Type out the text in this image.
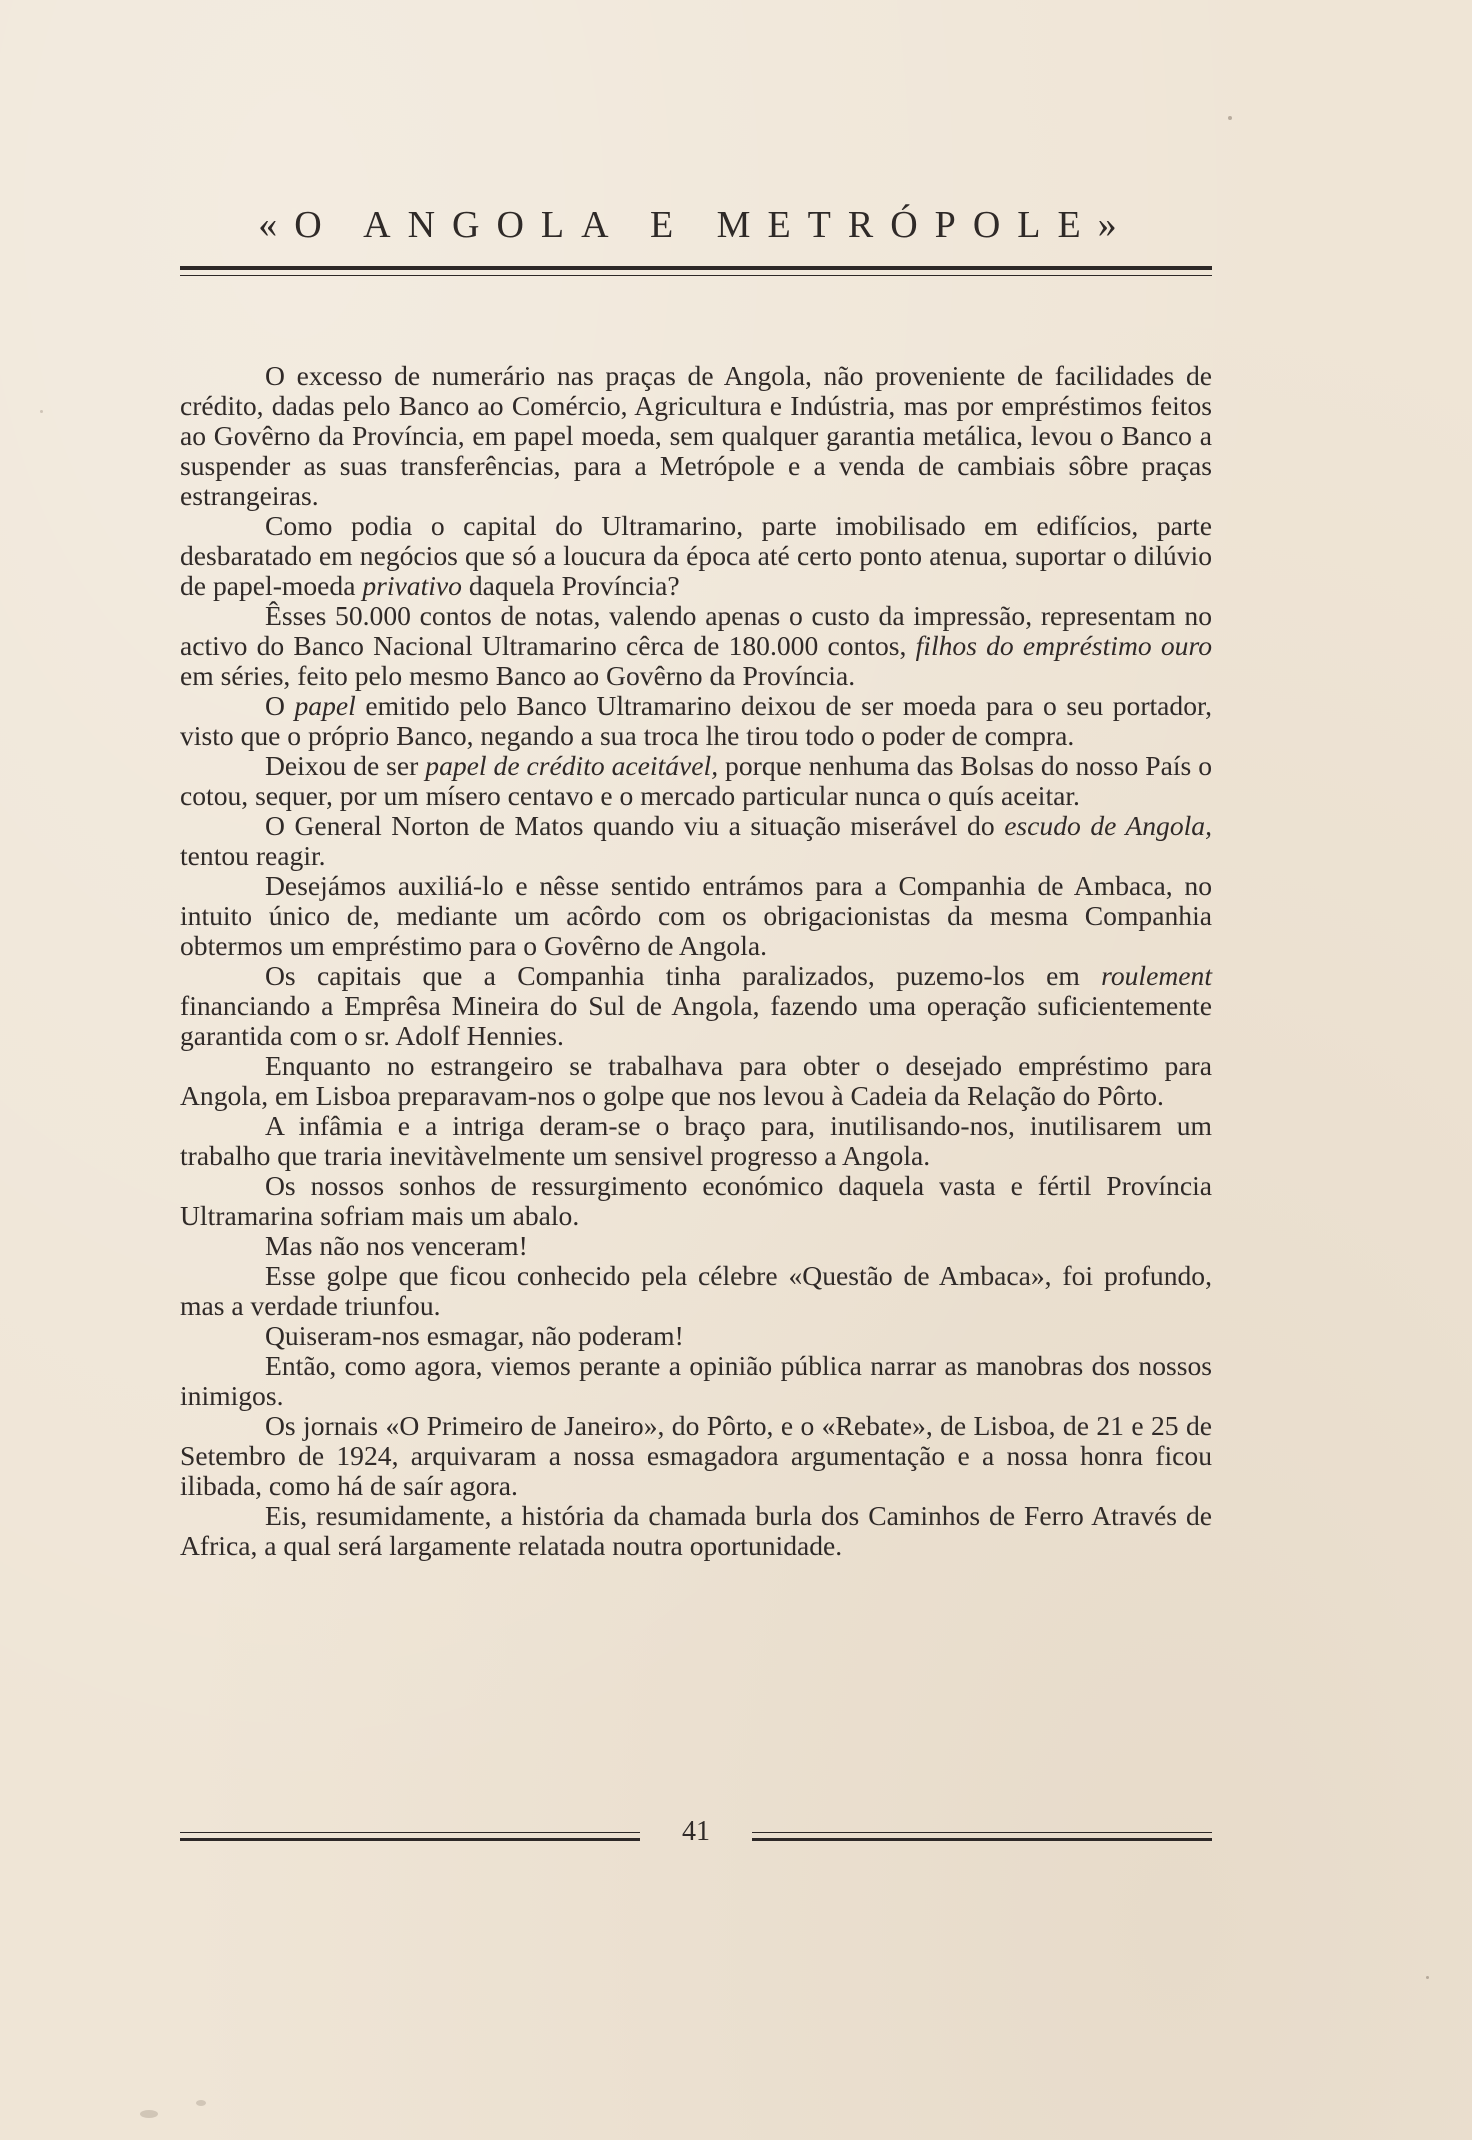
«O ANGOLA E METRÓPOLE»

O excesso de numerário nas praças de Angola, não proveniente de facilidades de crédito, dadas pelo Banco ao Comércio, Agricultura e Indústria, mas por empréstimos feitos ao Govêrno da Província, em papel moeda, sem qualquer garantia metálica, levou o Banco a suspender as suas transferências, para a Metrópole e a venda de cambiais sôbre praças estrangeiras.

Como podia o capital do Ultramarino, parte imobilisado em edifícios, parte desbaratado em negócios que só a loucura da época até certo ponto atenua, suportar o dilúvio de papel-moeda privativo daquela Província?

Êsses 50.000 contos de notas, valendo apenas o custo da impressão, representam no activo do Banco Nacional Ultramarino cêrca de 180.000 contos, filhos do empréstimo ouro em séries, feito pelo mesmo Banco ao Govêrno da Província.

O papel emitido pelo Banco Ultramarino deixou de ser moeda para o seu portador, visto que o próprio Banco, negando a sua troca lhe tirou todo o poder de compra.

Deixou de ser papel de crédito aceitável, porque nenhuma das Bolsas do nosso País o cotou, sequer, por um mísero centavo e o mercado particular nunca o quís aceitar.

O General Norton de Matos quando viu a situação miserável do escudo de Angola, tentou reagir.

Desejámos auxiliá-lo e nêsse sentido entrámos para a Companhia de Ambaca, no intuito único de, mediante um acôrdo com os obrigacionistas da mesma Companhia obtermos um empréstimo para o Govêrno de Angola.

Os capitais que a Companhia tinha paralizados, puzemo-los em roulement financiando a Emprêsa Mineira do Sul de Angola, fazendo uma operação suficientemente garantida com o sr. Adolf Hennies.

Enquanto no estrangeiro se trabalhava para obter o desejado empréstimo para Angola, em Lisboa preparavam-nos o golpe que nos levou à Cadeia da Relação do Pôrto.

A infâmia e a intriga deram-se o braço para, inutilisando-nos, inutilisarem um trabalho que traria inevitàvelmente um sensivel progresso a Angola.

Os nossos sonhos de ressurgimento económico daquela vasta e fértil Província Ultramarina sofriam mais um abalo.

Mas não nos venceram!

Esse golpe que ficou conhecido pela célebre «Questão de Ambaca», foi profundo, mas a verdade triunfou.

Quiseram-nos esmagar, não poderam!

Então, como agora, viemos perante a opinião pública narrar as manobras dos nossos inimigos.

Os jornais «O Primeiro de Janeiro», do Pôrto, e o «Rebate», de Lisboa, de 21 e 25 de Setembro de 1924, arquivaram a nossa esmagadora argumentação e a nossa honra ficou ilibada, como há de saír agora.

Eis, resumidamente, a história da chamada burla dos Caminhos de Ferro Através de Africa, a qual será largamente relatada noutra oportunidade.

41
